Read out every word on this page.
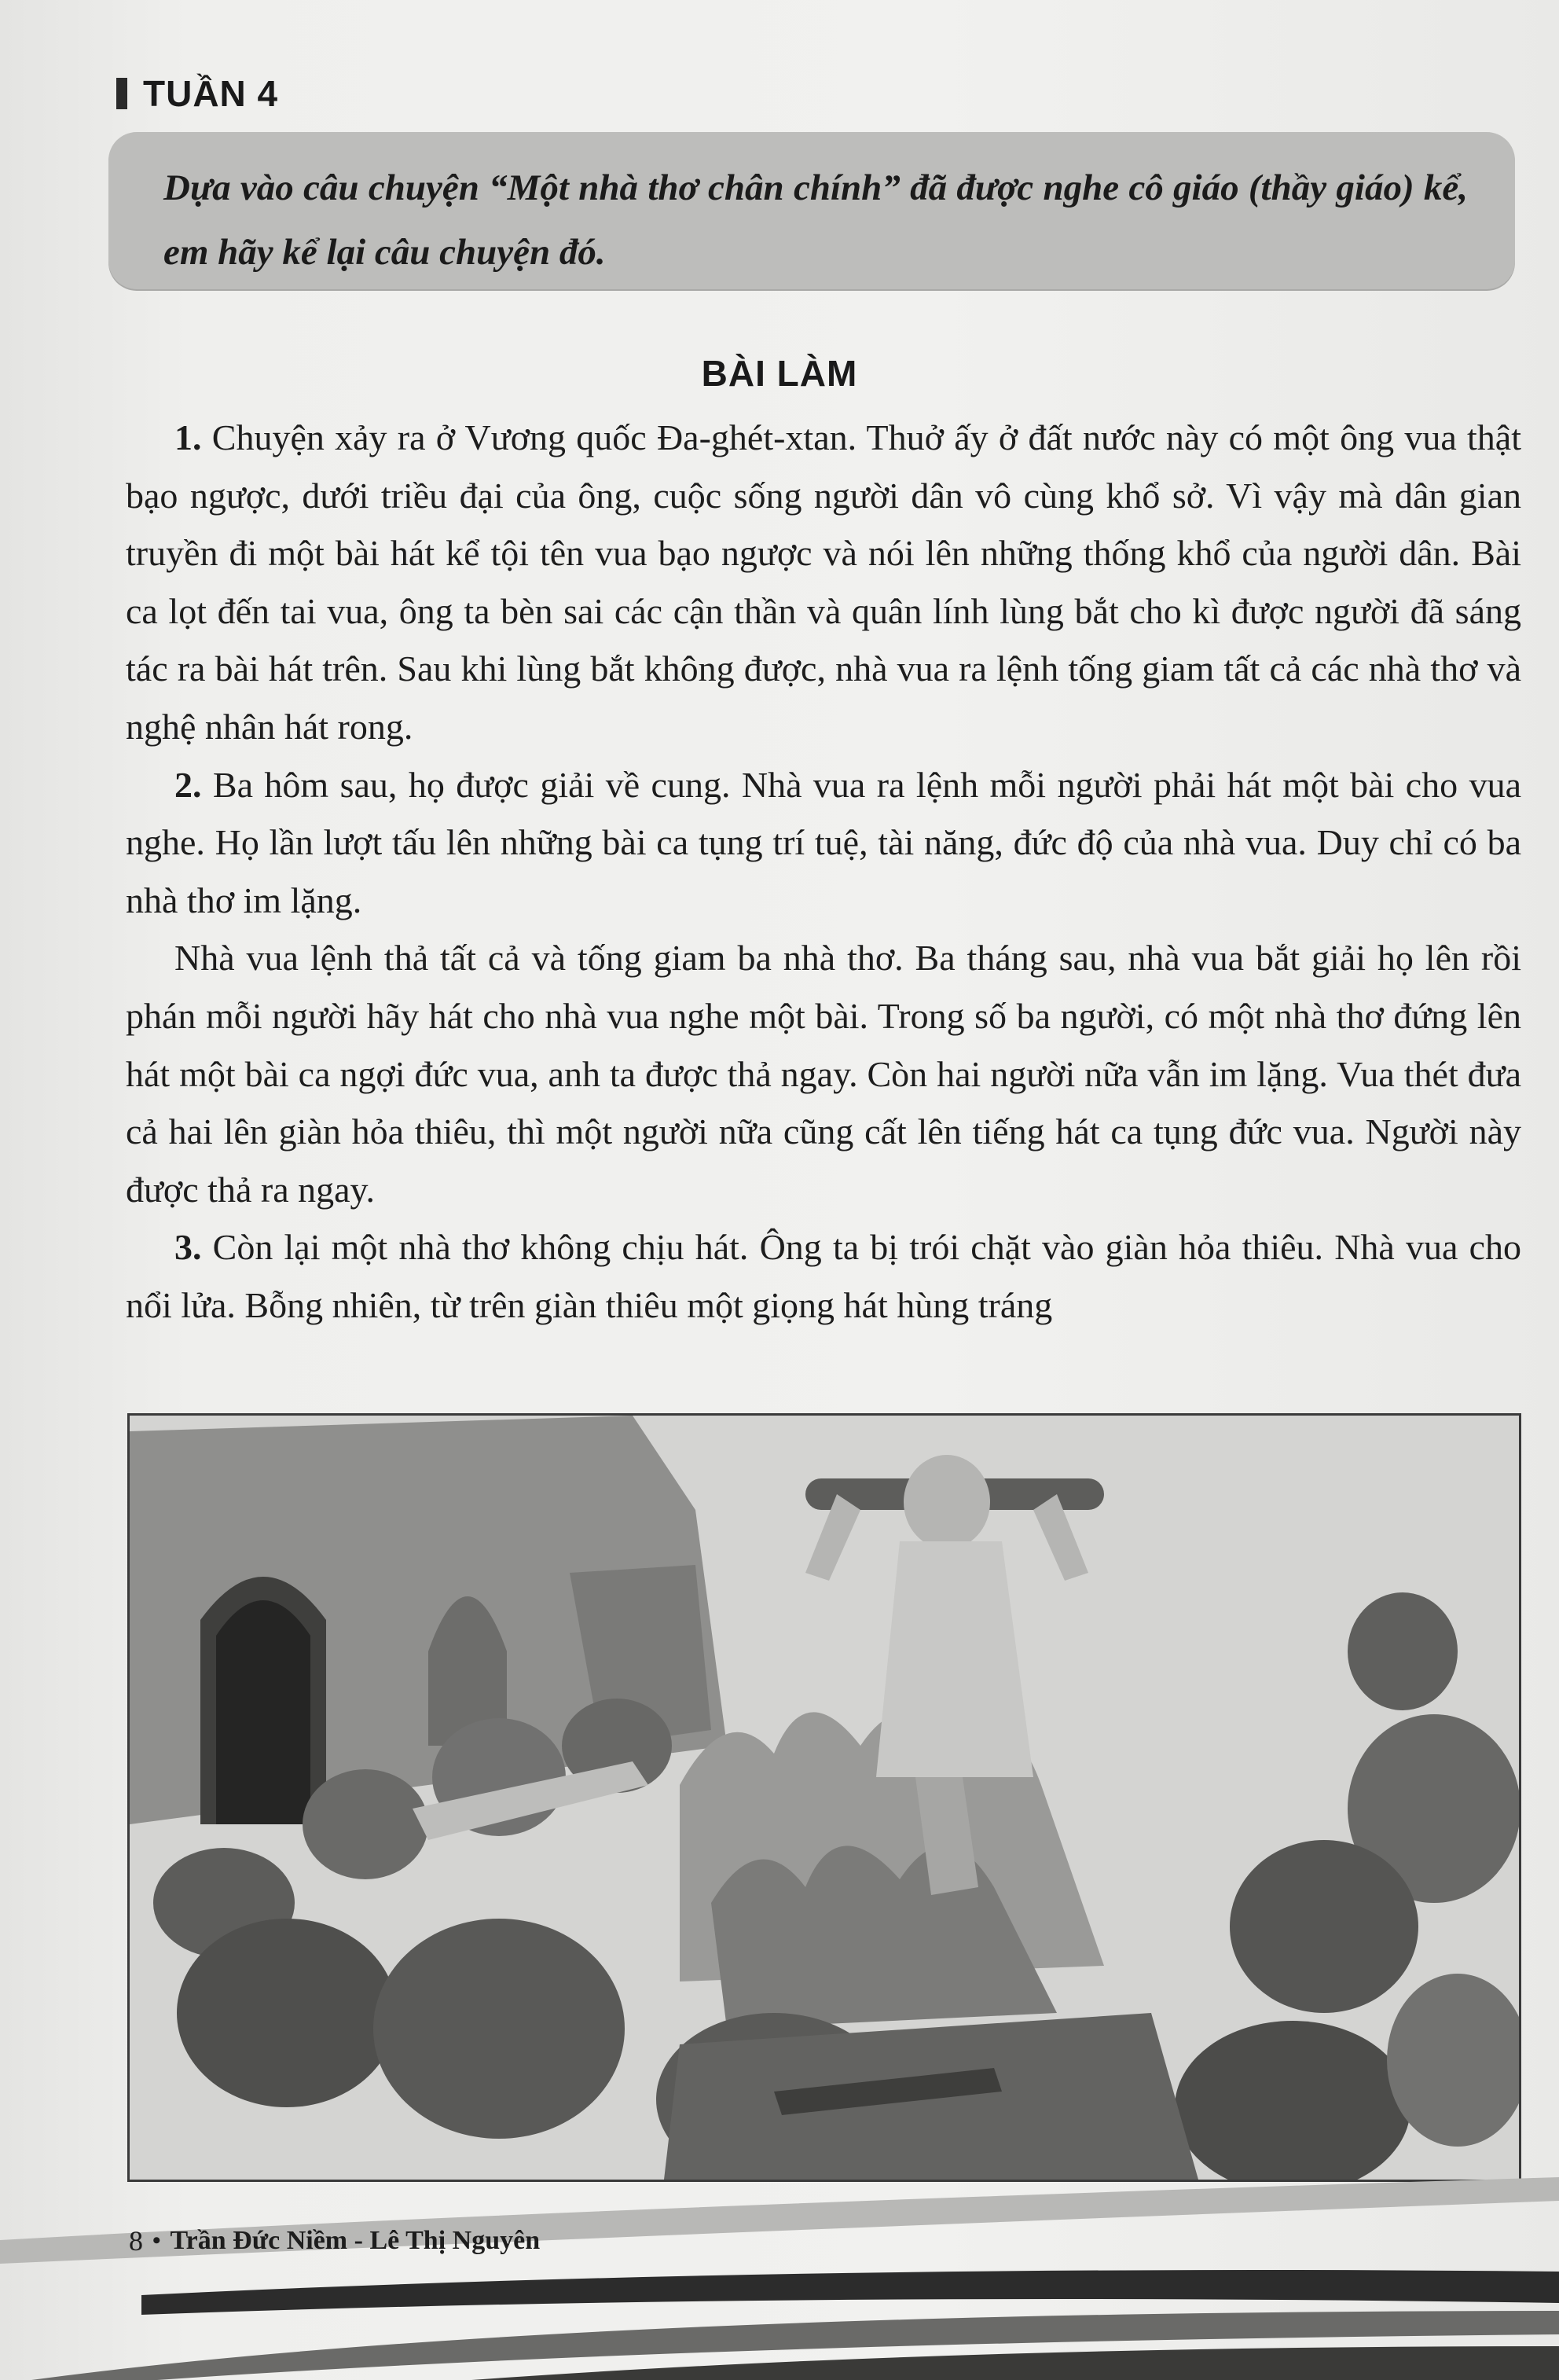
TUẦN 4
Dựa vào câu chuyện “Một nhà thơ chân chính” đã được nghe cô giáo (thầy giáo) kể, em hãy kể lại câu chuyện đó.
BÀI LÀM

1. Chuyện xảy ra ở Vương quốc Đa-ghét-xtan. Thuở ấy ở đất nước này có một ông vua thật bạo ngược, dưới triều đại của ông, cuộc sống người dân vô cùng khổ sở. Vì vậy mà dân gian truyền đi một bài hát kể tội tên vua bạo ngược và nói lên những thống khổ của người dân. Bài ca lọt đến tai vua, ông ta bèn sai các cận thần và quân lính lùng bắt cho kì được người đã sáng tác ra bài hát trên. Sau khi lùng bắt không được, nhà vua ra lệnh tống giam tất cả các nhà thơ và nghệ nhân hát rong.

2. Ba hôm sau, họ được giải về cung. Nhà vua ra lệnh mỗi người phải hát một bài cho vua nghe. Họ lần lượt tấu lên những bài ca tụng trí tuệ, tài năng, đức độ của nhà vua. Duy chỉ có ba nhà thơ im lặng.

Nhà vua lệnh thả tất cả và tống giam ba nhà thơ. Ba tháng sau, nhà vua bắt giải họ lên rồi phán mỗi người hãy hát cho nhà vua nghe một bài. Trong số ba người, có một nhà thơ đứng lên hát một bài ca ngợi đức vua, anh ta được thả ngay. Còn hai người nữa vẫn im lặng. Vua thét đưa cả hai lên giàn hỏa thiêu, thì một người nữa cũng cất lên tiếng hát ca tụng đức vua. Người này được thả ra ngay.

3. Còn lại một nhà thơ không chịu hát. Ông ta bị trói chặt vào giàn hỏa thiêu. Nhà vua cho nổi lửa. Bỗng nhiên, từ trên giàn thiêu một giọng hát hùng tráng

8 • Trần Đức Niềm - Lê Thị Nguyên
